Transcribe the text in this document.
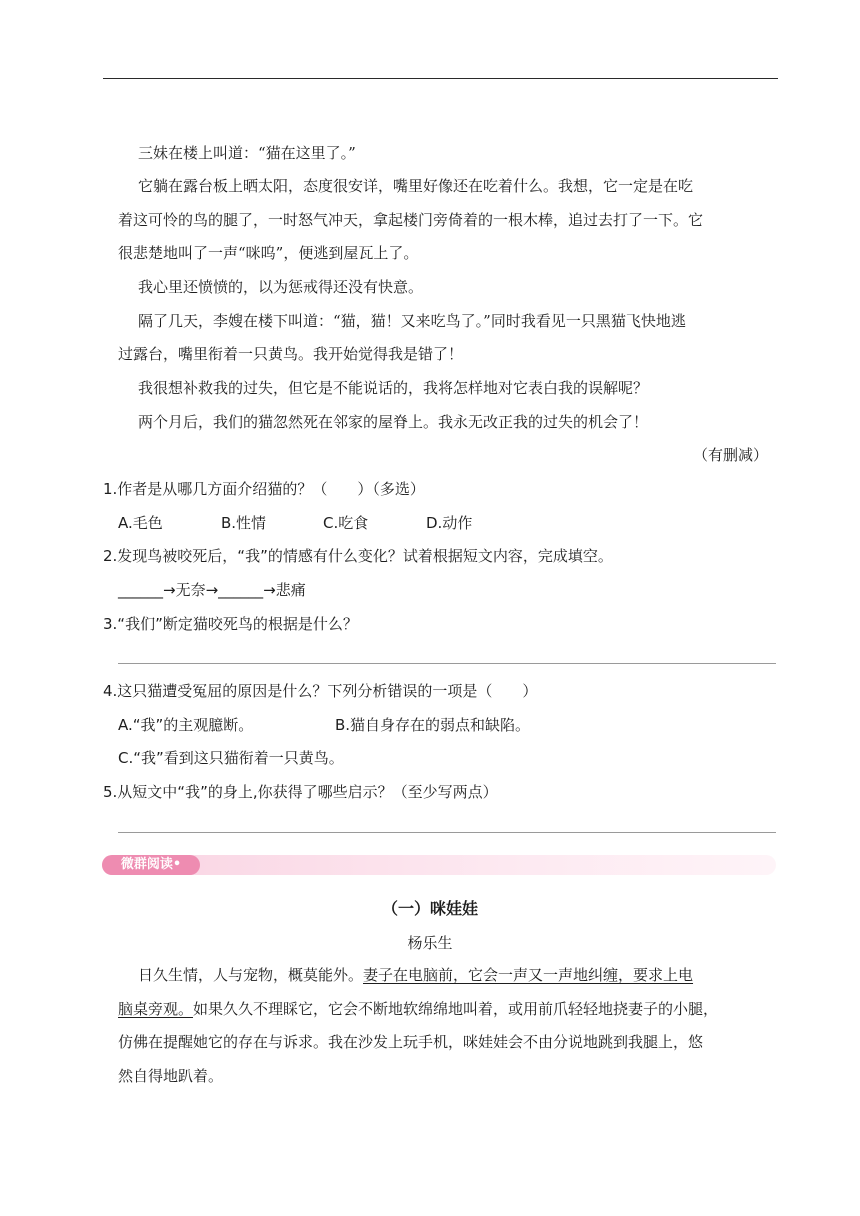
三妹在楼上叫道：“猫在这里了。”
它躺在露台板上晒太阳，态度很安详，嘴里好像还在吃着什么。我想，它一定是在吃
着这可怜的鸟的腿了，一时怒气冲天，拿起楼门旁倚着的一根木棒，追过去打了一下。它
很悲楚地叫了一声“咪呜”，便逃到屋瓦上了。
我心里还愤愤的，以为惩戒得还没有快意。
隔了几天，李嫂在楼下叫道：“猫，猫！又来吃鸟了。”同时我看见一只黑猫飞快地逃
过露台，嘴里衔着一只黄鸟。我开始觉得我是错了！
我很想补救我的过失，但它是不能说话的，我将怎样地对它表白我的误解呢？
两个月后，我们的猫忽然死在邻家的屋脊上。我永无改正我的过失的机会了！
（有删减）
1.作者是从哪几方面介绍猫的？（　　）（多选）
A.毛色	B.性情	C.吃食	D.动作
2.发现鸟被咬死后，“我”的情感有什么变化？试着根据短文内容，完成填空。
______→无奈→______→悲痛
3.“我们”断定猫咬死鸟的根据是什么？
4.这只猫遭受冤屈的原因是什么？下列分析错误的一项是（　　）
A.“我”的主观臆断。	B.猫自身存在的弱点和缺陷。
C.“我”看到这只猫衔着一只黄鸟。
5.从短文中“我”的身上,你获得了哪些启示？（至少写两点）
微群阅读•
（一）咪娃娃
杨乐生
日久生情，人与宠物，概莫能外。妻子在电脑前，它会一声又一声地纠缠，要求上电
脑桌旁观。如果久久不理睬它，它会不断地软绵绵地叫着，或用前爪轻轻地挠妻子的小腿，
仿佛在提醒她它的存在与诉求。我在沙发上玩手机，咪娃娃会不由分说地跳到我腿上，悠
然自得地趴着。
